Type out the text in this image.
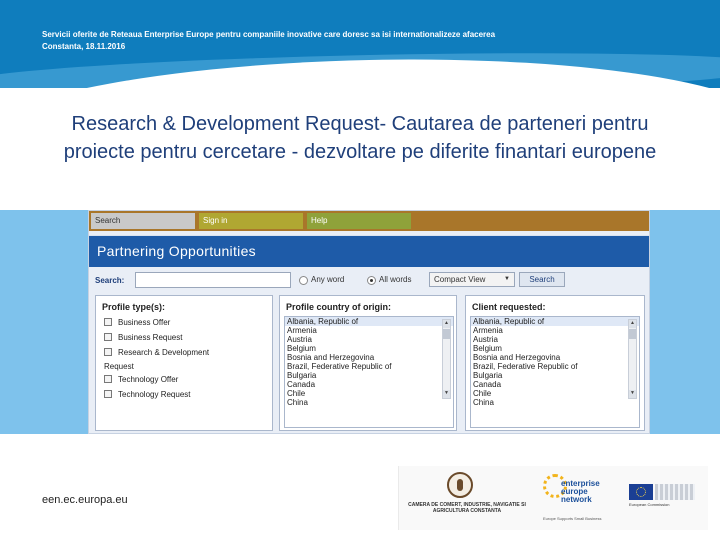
Servicii oferite de Reteaua Enterprise Europe pentru companiile inovative care doresc sa isi internationalizeze afacerea
Constanta, 18.11.2016
Research & Development Request- Cautarea de parteneri pentru proiecte pentru cercetare - dezvoltare pe diferite finantari europene
Search	Sign in	Help
Partnering Opportunities
Search:	Any word	All words	Compact View	▼	Search
Profile type(s):
Business Offer
Business Request
Research & Development
Request
Technology Offer
Technology Request
Profile country of origin:
Albania, Republic of
Armenia
Austria
Belgium
Bosnia and Herzegovina
Brazil, Federative Republic of
Bulgaria
Canada
Chile
China
▲
▼
Client requested:
Albania, Republic of
Armenia
Austria
Belgium
Bosnia and Herzegovina
Brazil, Federative Republic of
Bulgaria
Canada
Chile
China
▲
▼
een.ec.europa.eu	CAMERA DE COMERT, INDUSTRIE, NAVIGATIE SI AGRICULTURA CONSTANTA
enterprise europe network
Europe Supports Small Business
European Commission
